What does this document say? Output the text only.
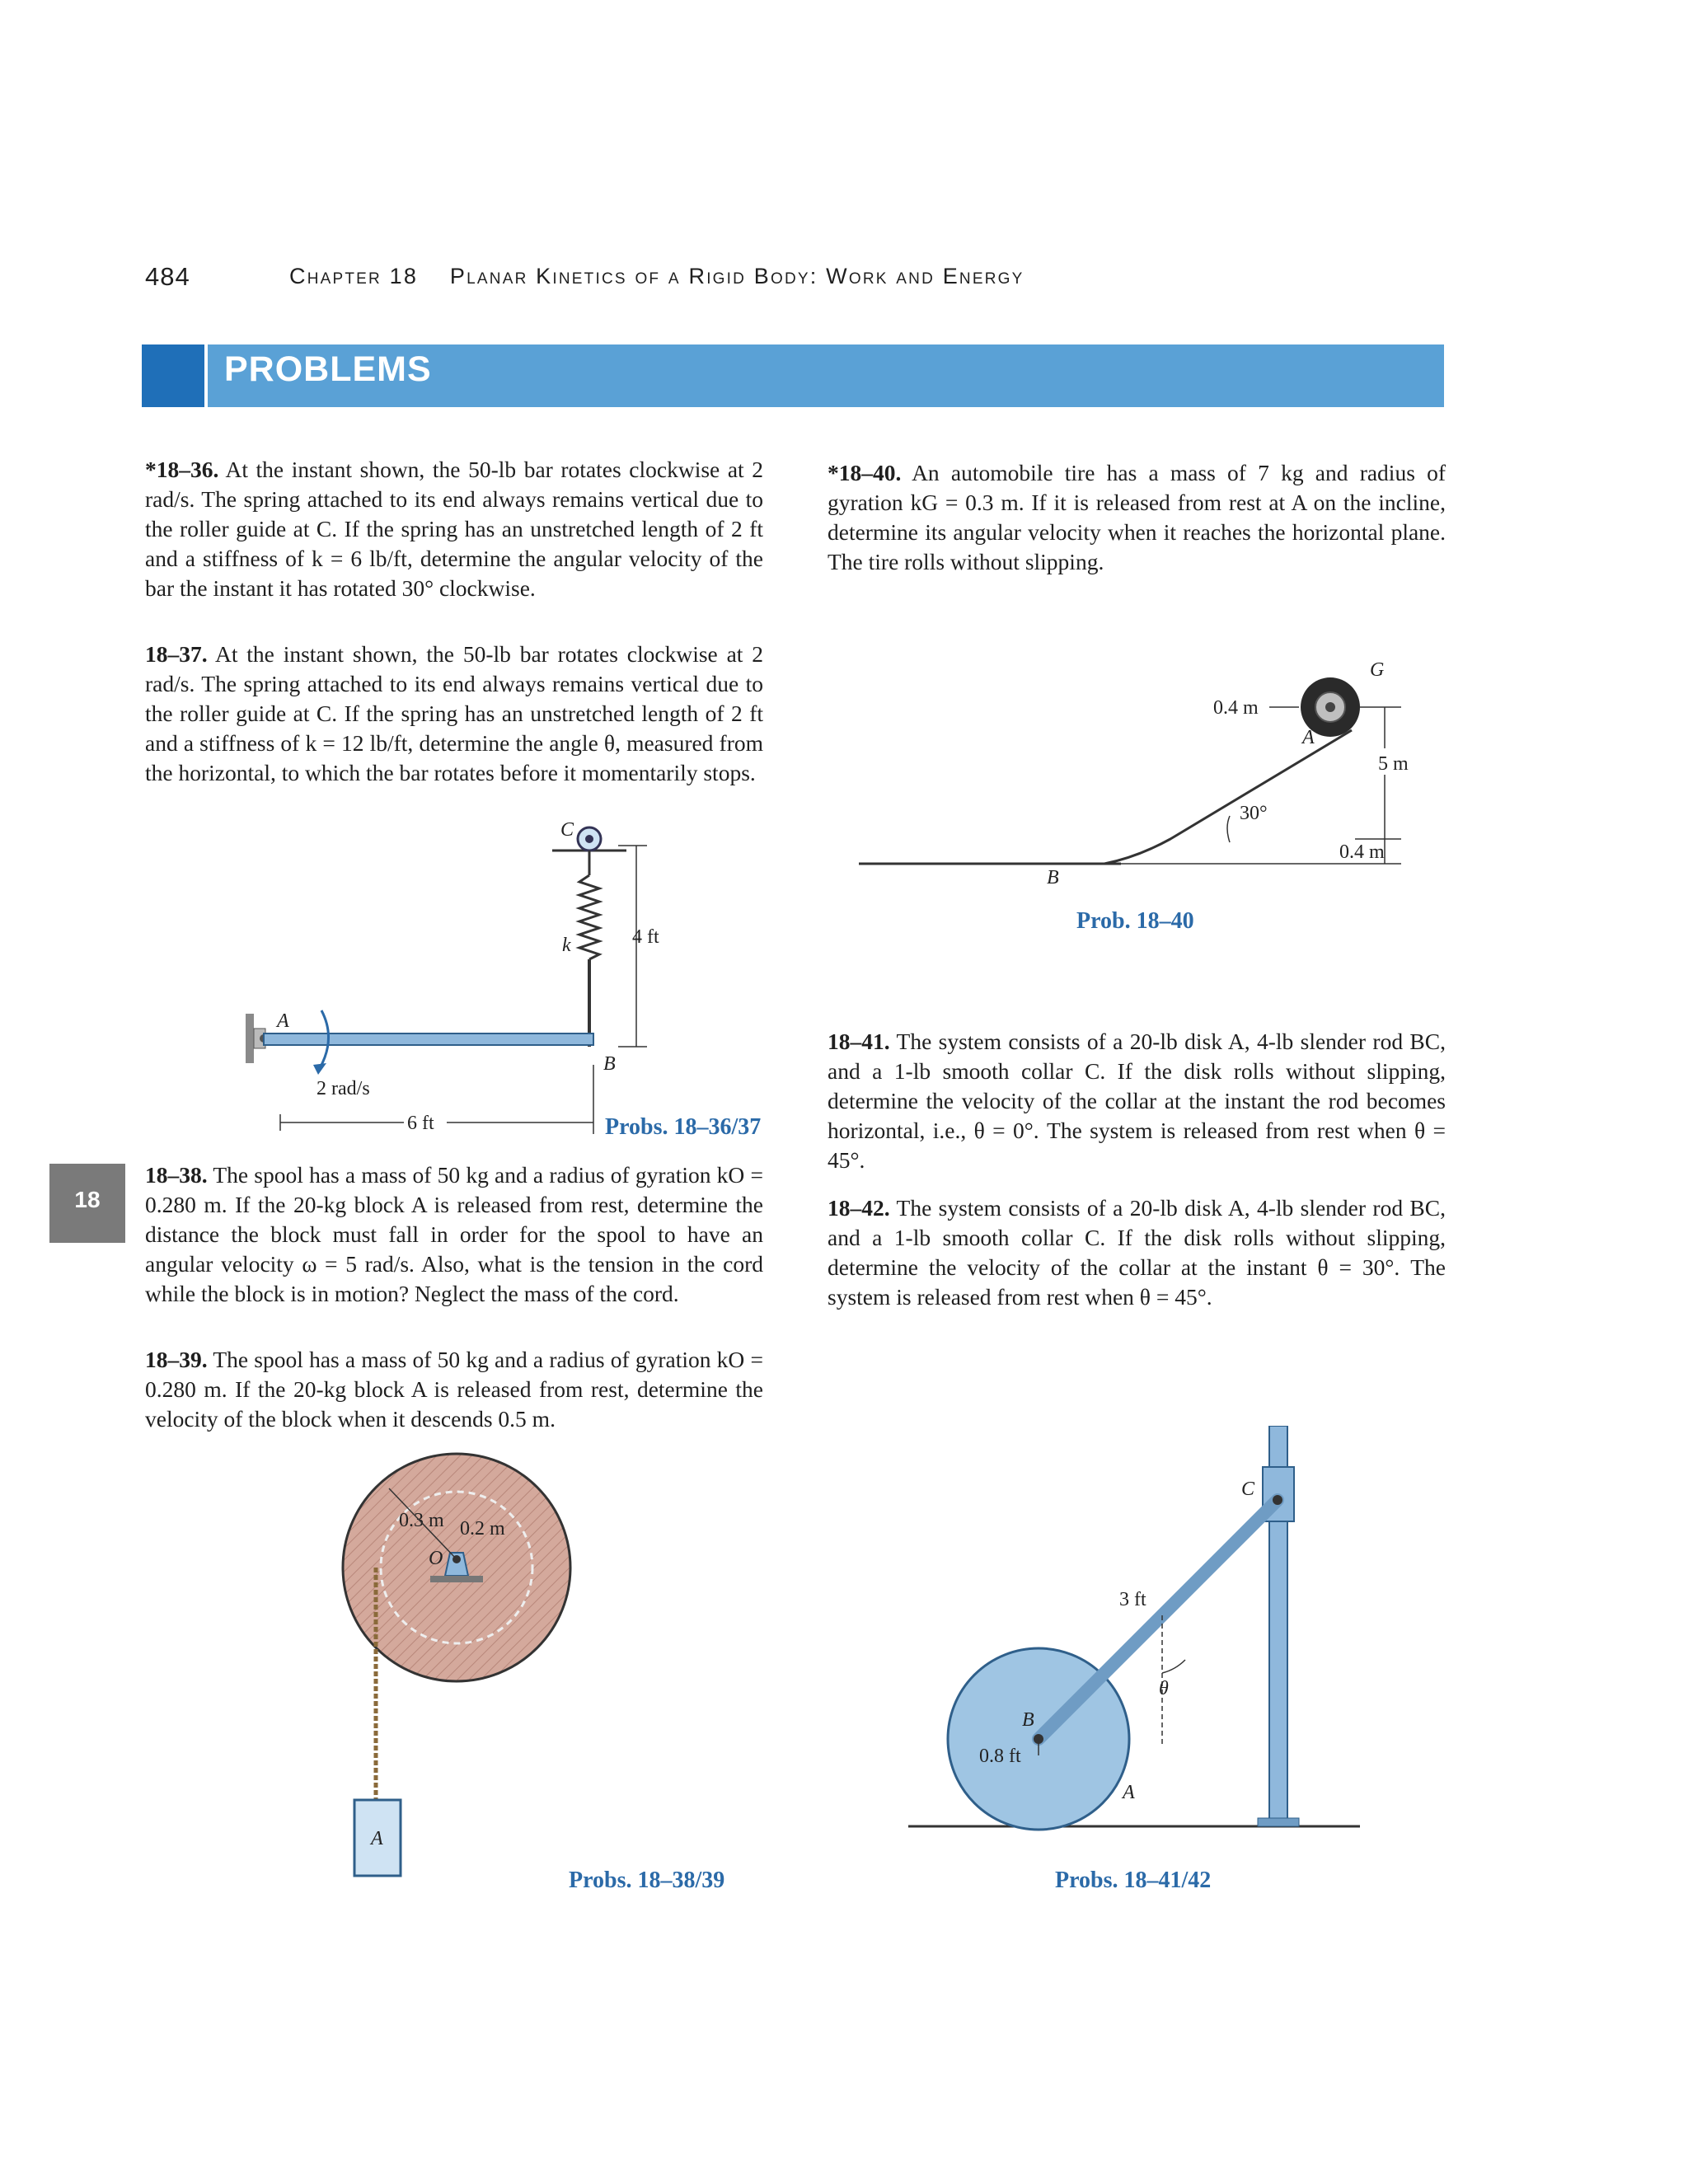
484	Chapter 18 Planar Kinetics of a Rigid Body: Work and Energy
PROBLEMS
18
*18–36. At the instant shown, the 50-lb bar rotates clockwise at 2 rad/s. The spring attached to its end always remains vertical due to the roller guide at C. If the spring has an unstretched length of 2 ft and a stiffness of k = 6 lb/ft, determine the angular velocity of the bar the instant it has rotated 30° clockwise.
18–37. At the instant shown, the 50-lb bar rotates clockwise at 2 rad/s. The spring attached to its end always remains vertical due to the roller guide at C. If the spring has an unstretched length of 2 ft and a stiffness of k = 12 lb/ft, determine the angle θ, measured from the horizontal, to which the bar rotates before it momentarily stops.
18–38. The spool has a mass of 50 kg and a radius of gyration kO = 0.280 m. If the 20-kg block A is released from rest, determine the distance the block must fall in order for the spool to have an angular velocity ω = 5 rad/s. Also, what is the tension in the cord while the block is in motion? Neglect the mass of the cord.
18–39. The spool has a mass of 50 kg and a radius of gyration kO = 0.280 m. If the 20-kg block A is released from rest, determine the velocity of the block when it descends 0.5 m.
*18–40. An automobile tire has a mass of 7 kg and radius of gyration kG = 0.3 m. If it is released from rest at A on the incline, determine its angular velocity when it reaches the horizontal plane. The tire rolls without slipping.
18–41. The system consists of a 20-lb disk A, 4-lb slender rod BC, and a 1-lb smooth collar C. If the disk rolls without slipping, determine the velocity of the collar at the instant the rod becomes horizontal, i.e., θ = 0°. The system is released from rest when θ = 45°.
18–42. The system consists of a 20-lb disk A, 4-lb slender rod BC, and a 1-lb smooth collar C. If the disk rolls without slipping, determine the velocity of the collar at the instant θ = 30°. The system is released from rest when θ = 45°.
k	4 ft
C
A
B
2 rad/s
6 ft	Probs. 18–36/37
B
G
A
0.4 m
30°
5 m
0.4 m
Prob. 18–40
O
0.3 m 0.2 m
A
Probs. 18–38/39
C
B
3 ft
0.8 ft
A
θ
Probs. 18–41/42
